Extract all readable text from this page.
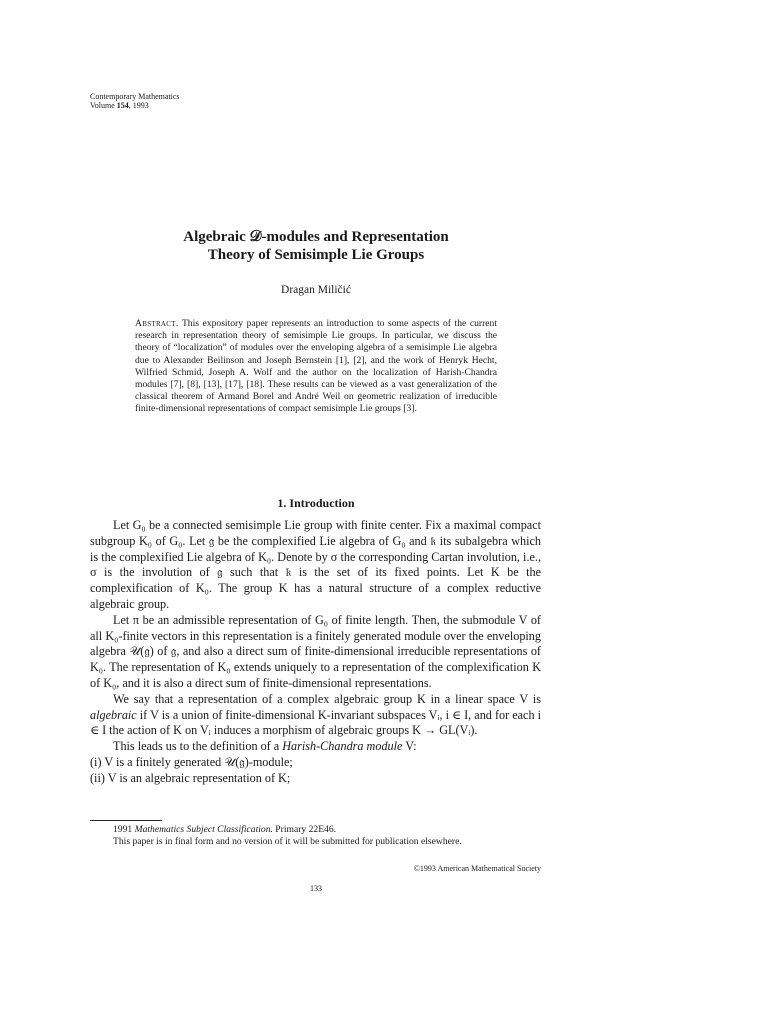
Contemporary Mathematics
Volume 154, 1993
Algebraic 𝒟-modules and Representation
Theory of Semisimple Lie Groups
Dragan Miličić
Abstract. This expository paper represents an introduction to some aspects of the current research in representation theory of semisimple Lie groups. In particular, we discuss the theory of “localization” of modules over the enveloping algebra of a semisimple Lie algebra due to Alexander Beilinson and Joseph Bernstein [1], [2], and the work of Henryk Hecht, Wilfried Schmid, Joseph A. Wolf and the author on the localization of Harish-Chandra modules [7], [8], [13], [17], [18]. These results can be viewed as a vast generalization of the classical theorem of Armand Borel and André Weil on geometric realization of irreducible finite-dimensional representations of compact semisimple Lie groups [3].
1. Introduction

Let G₀ be a connected semisimple Lie group with finite center. Fix a maximal compact subgroup K₀ of G₀. Let 𝔤 be the complexified Lie algebra of G₀ and 𝔨 its subalgebra which is the complexified Lie algebra of K₀. Denote by σ the corresponding Cartan involution, i.e., σ is the involution of 𝔤 such that 𝔨 is the set of its fixed points. Let K be the complexification of K₀. The group K has a natural structure of a complex reductive algebraic group.

Let π be an admissible representation of G₀ of finite length. Then, the submodule V of all K₀-finite vectors in this representation is a finitely generated module over the enveloping algebra 𝒰(𝔤) of 𝔤, and also a direct sum of finite-dimensional irreducible representations of K₀. The representation of K₀ extends uniquely to a representation of the complexification K of K₀, and it is also a direct sum of finite-dimensional representations.

We say that a representation of a complex algebraic group K in a linear space V is algebraic if V is a union of finite-dimensional K-invariant subspaces Vᵢ, i ∈ I, and for each i ∈ I the action of K on Vᵢ induces a morphism of algebraic groups K → GL(Vᵢ).

This leads us to the definition of a Harish-Chandra module V:

(i) V is a finitely generated 𝒰(𝔤)-module;

(ii) V is an algebraic representation of K;

1991 Mathematics Subject Classification. Primary 22E46.

This paper is in final form and no version of it will be submitted for publication elsewhere.

©1993 American Mathematical Society
133
